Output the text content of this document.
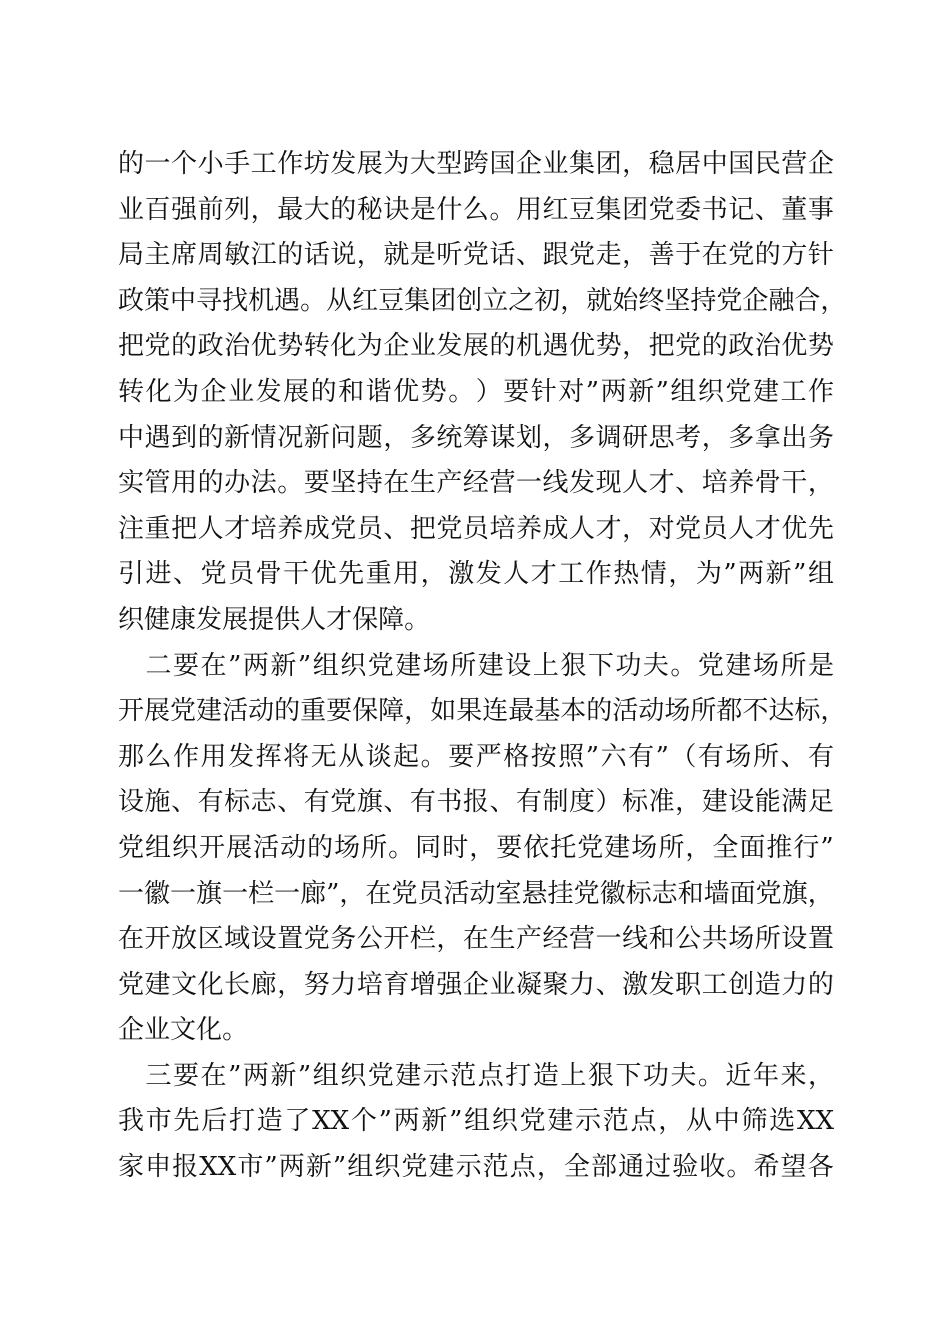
的 一 个 小 手 工 作 坊 发 展 为 大 型 跨 国 企 业 集 团 ， 稳 居 中 国 民 营 企
业 百 强 前 列 ， 最 大 的 秘 诀 是 什 么 。 用 红 豆 集 团 党 委 书 记 、 董 事
局 主 席 周 敏 江 的 话 说 ， 就 是 听 党 话 、 跟 党 走 ， 善 于 在 党 的 方 针
政 策 中 寻 找 机 遇 。 从 红 豆 集 团 创 立 之 初 ， 就 始 终 坚 持 党 企 融 合 ，
把 党 的 政 治 优 势 转 化 为 企 业 发 展 的 机 遇 优 势 ， 把 党 的 政 治 优 势
转 化 为 企 业 发 展 的 和 谐 优 势 。 ） 要 针 对 ” 两 新 ” 组 织 党 建 工 作
中 遇 到 的 新 情 况 新 问 题 ， 多 统 筹 谋 划 ， 多 调 研 思 考 ， 多 拿 出 务
实 管 用 的 办 法 。 要 坚 持 在 生 产 经 营 一 线 发 现 人 才 、 培 养 骨 干 ，
注 重 把 人 才 培 养 成 党 员 、 把 党 员 培 养 成 人 才 ， 对 党 员 人 才 优 先
引 进 、 党 员 骨 干 优 先 重 用 ， 激 发 人 才 工 作 热 情 ， 为 ” 两 新 ” 组
织 健 康 发 展 提 供 人 才 保 障 。

二 要 在 ” 两 新 ” 组 织 党 建 场 所 建 设 上 狠 下 功 夫 。 党 建 场 所 是
开 展 党 建 活 动 的 重 要 保 障 ， 如 果 连 最 基 本 的 活 动 场 所 都 不 达 标 ，
那 么 作 用 发 挥 将 无 从 谈 起 。 要 严 格 按 照 ” 六 有 ” （ 有 场 所 、 有
设 施 、 有 标 志 、 有 党 旗 、 有 书 报 、 有 制 度 ） 标 准 ， 建 设 能 满 足
党 组 织 开 展 活 动 的 场 所 。 同 时 ， 要 依 托 党 建 场 所 ， 全 面 推 行 ”
一 徽 一 旗 一 栏 一 廊 ” ， 在 党 员 活 动 室 悬 挂 党 徽 标 志 和 墙 面 党 旗 ，
在 开 放 区 域 设 置 党 务 公 开 栏 ， 在 生 产 经 营 一 线 和 公 共 场 所 设 置
党 建 文 化 长 廊 ， 努 力 培 育 增 强 企 业 凝 聚 力 、 激 发 职 工 创 造 力 的
企 业 文 化 。

三 要 在 ” 两 新 ” 组 织 党 建 示 范 点 打 造 上 狠 下 功 夫 。 近 年 来 ，
我 市 先 后 打 造 了 XX 个 ” 两 新 ” 组 织 党 建 示 范 点 ， 从 中 筛 选 XX
家 申 报 XX 市 ” 两 新 ” 组 织 党 建 示 范 点 ， 全 部 通 过 验 收 。 希 望 各
